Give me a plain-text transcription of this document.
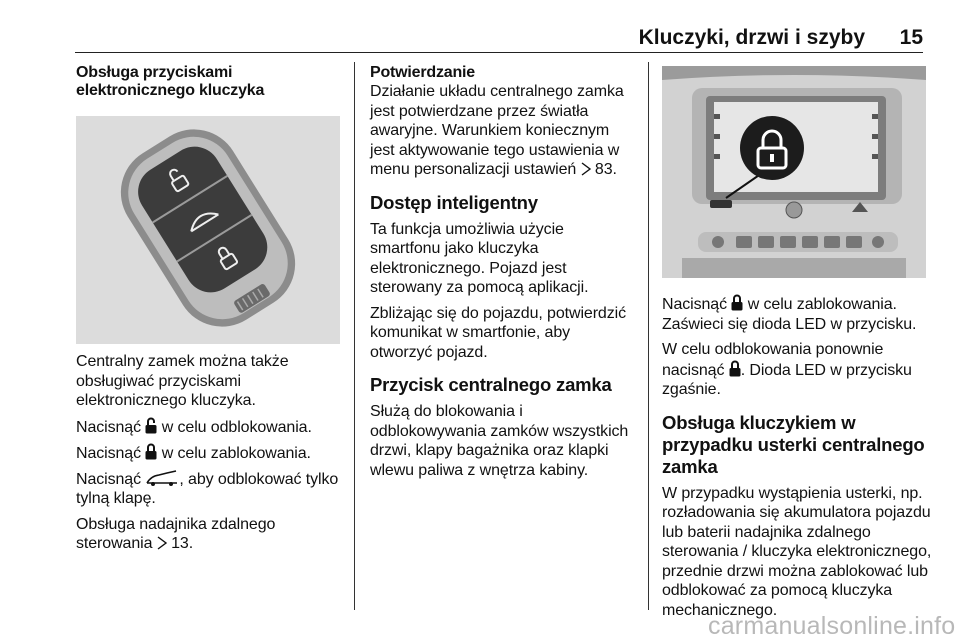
Kluczyki, drzwi i szyby 15
Obsługa przyciskami elektronicznego kluczyka

Centralny zamek można także obsługiwać przyciskami elektronicznego kluczyka.

Nacisnąć  w celu odblokowania.

Nacisnąć  w celu zablokowania.

Nacisnąć , aby odblokować tylko tylną klapę.

Obsługa nadajnika zdalnego sterowania  13.

Potwierdzanie

Działanie układu centralnego zamka jest potwierdzane przez światła awaryjne. Warunkiem koniecznym jest aktywowanie tego ustawienia w menu personalizacji ustawień  83.

Dostęp inteligentny

Ta funkcja umożliwia użycie smartfonu jako kluczyka elektronicznego. Pojazd jest sterowany za pomocą aplikacji.

Zbliżając się do pojazdu, potwierdzić komunikat w smartfonie, aby otworzyć pojazd.

Przycisk centralnego zamka

Służą do blokowania i odblokowywania zamków wszystkich drzwi, klapy bagażnika oraz klapki wlewu paliwa z wnętrza kabiny.

Nacisnąć  w celu zablokowania. Zaświeci się dioda LED w przycisku.

W celu odblokowania ponownie nacisnąć . Dioda LED w przycisku zgaśnie.

Obsługa kluczykiem w przypadku usterki centralnego zamka

W przypadku wystąpienia usterki, np. rozładowania się akumulatora pojazdu lub baterii nadajnika zdalnego sterowania / kluczyka elektronicznego, przednie drzwi można zablokować lub odblokować za pomocą kluczyka mechanicznego.

carmanualsonline.info
